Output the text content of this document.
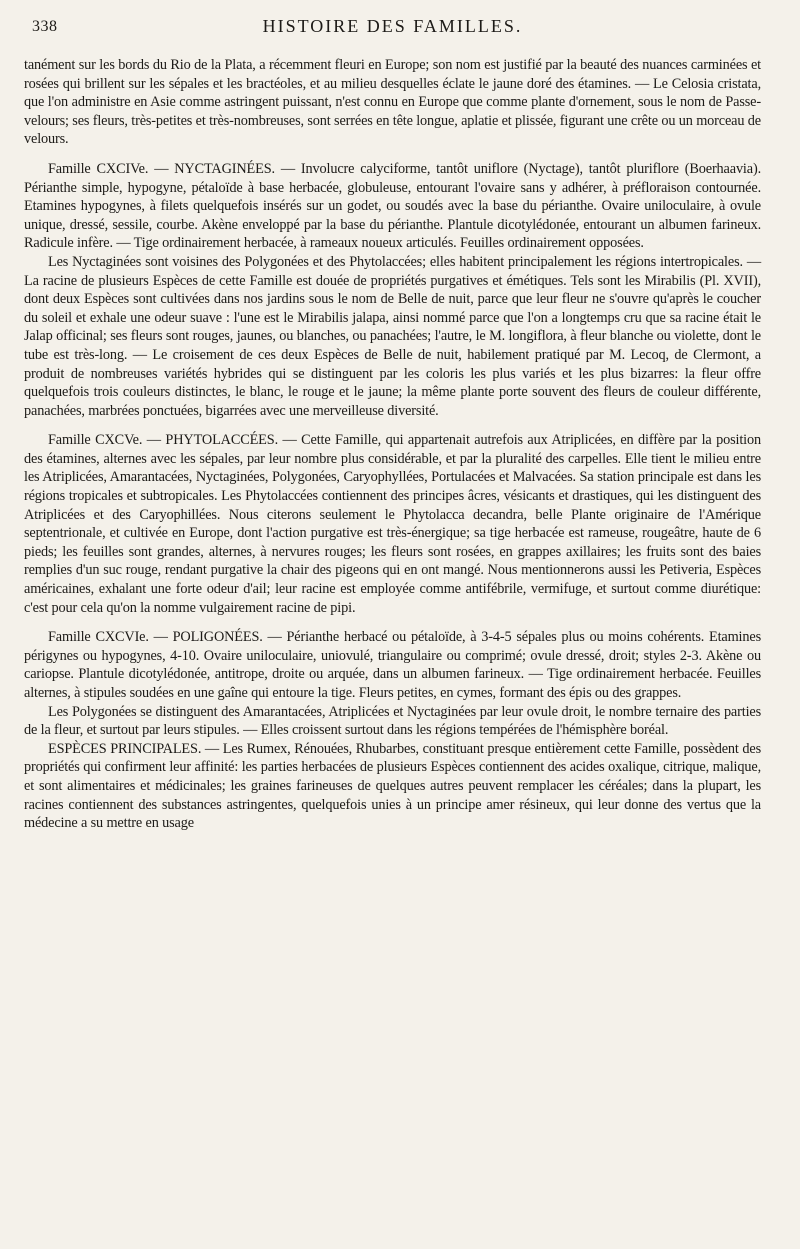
338	HISTOIRE DES FAMILLES.

tanément sur les bords du Rio de la Plata, a récemment fleuri en Europe; son nom est justifié par la beauté des nuances carminées et rosées qui brillent sur les sépales et les bractéoles, et au milieu desquelles éclate le jaune doré des étamines. — Le Celosia cristata, que l'on administre en Asie comme astringent puissant, n'est connu en Europe que comme plante d'ornement, sous le nom de Passe-velours; ses fleurs, très-petites et très-nombreuses, sont serrées en tête longue, aplatie et plissée, figurant une crête ou un morceau de velours.

Famille CXCIVe. — NYCTAGINÉES. — Involucre calyciforme, tantôt uniflore (Nyctage), tantôt pluriflore (Boerhaavia). Périanthe simple, hypogyne, pétaloïde à base herbacée, globuleuse, entourant l'ovaire sans y adhérer, à préfloraison contournée. Etamines hypogynes, à filets quelquefois insérés sur un godet, ou soudés avec la base du périanthe. Ovaire uniloculaire, à ovule unique, dressé, sessile, courbe. Akène enveloppé par la base du périanthe. Plantule dicotylédonée, entourant un albumen farineux. Radicule infère. — Tige ordinairement herbacée, à rameaux noueux articulés. Feuilles ordinairement opposées.

Les Nyctaginées sont voisines des Polygonées et des Phytolaccées; elles habitent principalement les régions intertropicales. — La racine de plusieurs Espèces de cette Famille est douée de propriétés purgatives et émétiques. Tels sont les Mirabilis (Pl. XVII), dont deux Espèces sont cultivées dans nos jardins sous le nom de Belle de nuit, parce que leur fleur ne s'ouvre qu'après le coucher du soleil et exhale une odeur suave : l'une est le Mirabilis jalapa, ainsi nommé parce que l'on a longtemps cru que sa racine était le Jalap officinal; ses fleurs sont rouges, jaunes, ou blanches, ou panachées; l'autre, le M. longiflora, à fleur blanche ou violette, dont le tube est très-long. — Le croisement de ces deux Espèces de Belle de nuit, habilement pratiqué par M. Lecoq, de Clermont, a produit de nombreuses variétés hybrides qui se distinguent par les coloris les plus variés et les plus bizarres: la fleur offre quelquefois trois couleurs distinctes, le blanc, le rouge et le jaune; la même plante porte souvent des fleurs de couleur différente, panachées, marbrées ponctuées, bigarrées avec une merveilleuse diversité.

Famille CXCVe. — PHYTOLACCÉES. — Cette Famille, qui appartenait autrefois aux Atriplicées, en diffère par la position des étamines, alternes avec les sépales, par leur nombre plus considérable, et par la pluralité des carpelles. Elle tient le milieu entre les Atriplicées, Amarantacées, Nyctaginées, Polygonées, Caryophyllées, Portulacées et Malvacées. Sa station principale est dans les régions tropicales et subtropicales. Les Phytolaccées contiennent des principes âcres, vésicants et drastiques, qui les distinguent des Atriplicées et des Caryophillées. Nous citerons seulement le Phytolacca decandra, belle Plante originaire de l'Amérique septentrionale, et cultivée en Europe, dont l'action purgative est très-énergique; sa tige herbacée est rameuse, rougeâtre, haute de 6 pieds; les feuilles sont grandes, alternes, à nervures rouges; les fleurs sont rosées, en grappes axillaires; les fruits sont des baies remplies d'un suc rouge, rendant purgative la chair des pigeons qui en ont mangé. Nous mentionnerons aussi les Petiveria, Espèces américaines, exhalant une forte odeur d'ail; leur racine est employée comme antifébrile, vermifuge, et surtout comme diurétique: c'est pour cela qu'on la nomme vulgairement racine de pipi.

Famille CXCVIe. — POLIGONÉES. — Périanthe herbacé ou pétaloïde, à 3-4-5 sépales plus ou moins cohérents. Etamines périgynes ou hypogynes, 4-10. Ovaire uniloculaire, uniovulé, triangulaire ou comprimé; ovule dressé, droit; styles 2-3. Akène ou cariopse. Plantule dicotylédonée, antitrope, droite ou arquée, dans un albumen farineux. — Tige ordinairement herbacée. Feuilles alternes, à stipules soudées en une gaîne qui entoure la tige. Fleurs petites, en cymes, formant des épis ou des grappes.

Les Polygonées se distinguent des Amarantacées, Atriplicées et Nyctaginées par leur ovule droit, le nombre ternaire des parties de la fleur, et surtout par leurs stipules. — Elles croissent surtout dans les régions tempérées de l'hémisphère boréal.

ESPÈCES PRINCIPALES. — Les Rumex, Rénouées, Rhubarbes, constituant presque entièrement cette Famille, possèdent des propriétés qui confirment leur affinité: les parties herbacées de plusieurs Espèces contiennent des acides oxalique, citrique, malique, et sont alimentaires et médicinales; les graines farineuses de quelques autres peuvent remplacer les céréales; dans la plupart, les racines contiennent des substances astringentes, quelquefois unies à un principe amer résineux, qui leur donne des vertus que la médecine a su mettre en usage
